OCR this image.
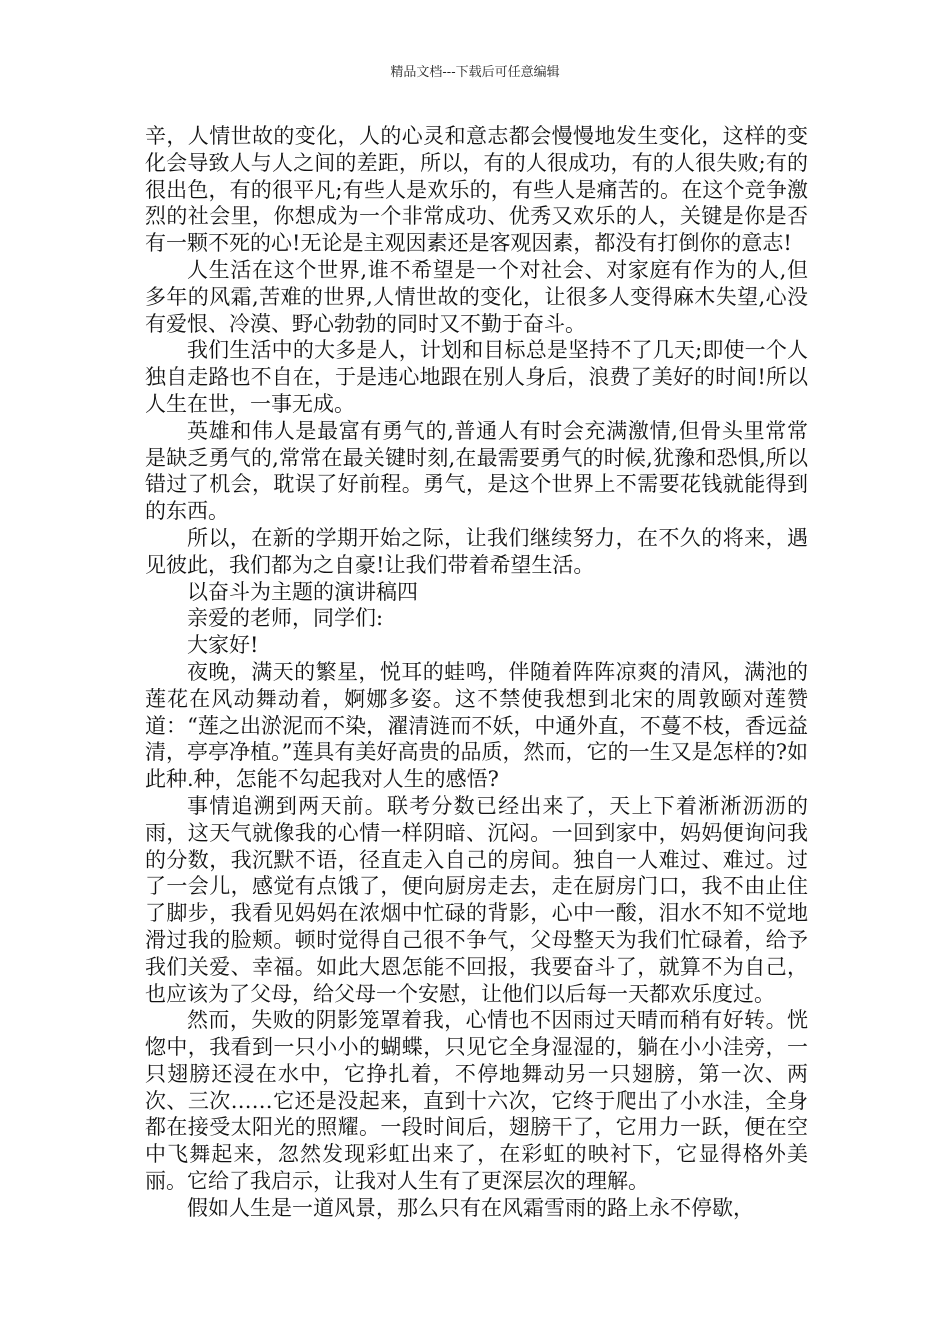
精品文档---下载后可任意编辑

辛，人情世故的变化，人的心灵和意志都会慢慢地发生变化，这样的变化会导致人与人之间的差距，所以，有的人很成功，有的人很失败;有的很出色，有的很平凡;有些人是欢乐的，有些人是痛苦的。在这个竞争激烈的社会里，你想成为一个非常成功、优秀又欢乐的人，关键是你是否有一颗不死的心!无论是主观因素还是客观因素，都没有打倒你的意志!

人生活在这个世界,谁不希望是一个对社会、对家庭有作为的人,但多年的风霜,苦难的世界,人情世故的变化，让很多人变得麻木失望,心没有爱恨、冷漠、野心勃勃的同时又不勤于奋斗。

我们生活中的大多是人，计划和目标总是坚持不了几天;即使一个人独自走路也不自在，于是违心地跟在别人身后，浪费了美好的时间!所以人生在世，一事无成。

英雄和伟人是最富有勇气的,普通人有时会充满激情,但骨头里常常是缺乏勇气的,常常在最关键时刻,在最需要勇气的时候,犹豫和恐惧,所以错过了机会，耽误了好前程。勇气，是这个世界上不需要花钱就能得到的东西。

所以，在新的学期开始之际，让我们继续努力，在不久的将来，遇见彼此，我们都为之自豪!让我们带着希望生活。

以奋斗为主题的演讲稿四

亲爱的老师，同学们:

大家好!

夜晚，满天的繁星，悦耳的蛙鸣，伴随着阵阵凉爽的清风，满池的莲花在风动舞动着，婀娜多姿。这不禁使我想到北宋的周敦颐对莲赞道：“莲之出淤泥而不染，濯清涟而不妖，中通外直，不蔓不枝，香远益清，亭亭净植。”莲具有美好高贵的品质，然而，它的一生又是怎样的?如此种.种，怎能不勾起我对人生的感悟?

事情追溯到两天前。联考分数已经出来了，天上下着淅淅沥沥的雨，这天气就像我的心情一样阴暗、沉闷。一回到家中，妈妈便询问我的分数，我沉默不语，径直走入自己的房间。独自一人难过、难过。过了一会儿，感觉有点饿了，便向厨房走去，走在厨房门口，我不由止住了脚步，我看见妈妈在浓烟中忙碌的背影，心中一酸，泪水不知不觉地滑过我的脸颊。顿时觉得自己很不争气，父母整天为我们忙碌着，给予我们关爱、幸福。如此大恩怎能不回报，我要奋斗了，就算不为自己，也应该为了父母，给父母一个安慰，让他们以后每一天都欢乐度过。

然而，失败的阴影笼罩着我，心情也不因雨过天晴而稍有好转。恍惚中，我看到一只小小的蝴蝶，只见它全身湿湿的，躺在小小洼旁，一只翅膀还浸在水中，它挣扎着，不停地舞动另一只翅膀，第一次、两次、三次……它还是没起来，直到十六次，它终于爬出了小水洼，全身都在接受太阳光的照耀。一段时间后，翅膀干了，它用力一跃，便在空中飞舞起来，忽然发现彩虹出来了，在彩虹的映衬下，它显得格外美丽。它给了我启示，让我对人生有了更深层次的理解。

假如人生是一道风景，那么只有在风霜雪雨的路上永不停歇，
